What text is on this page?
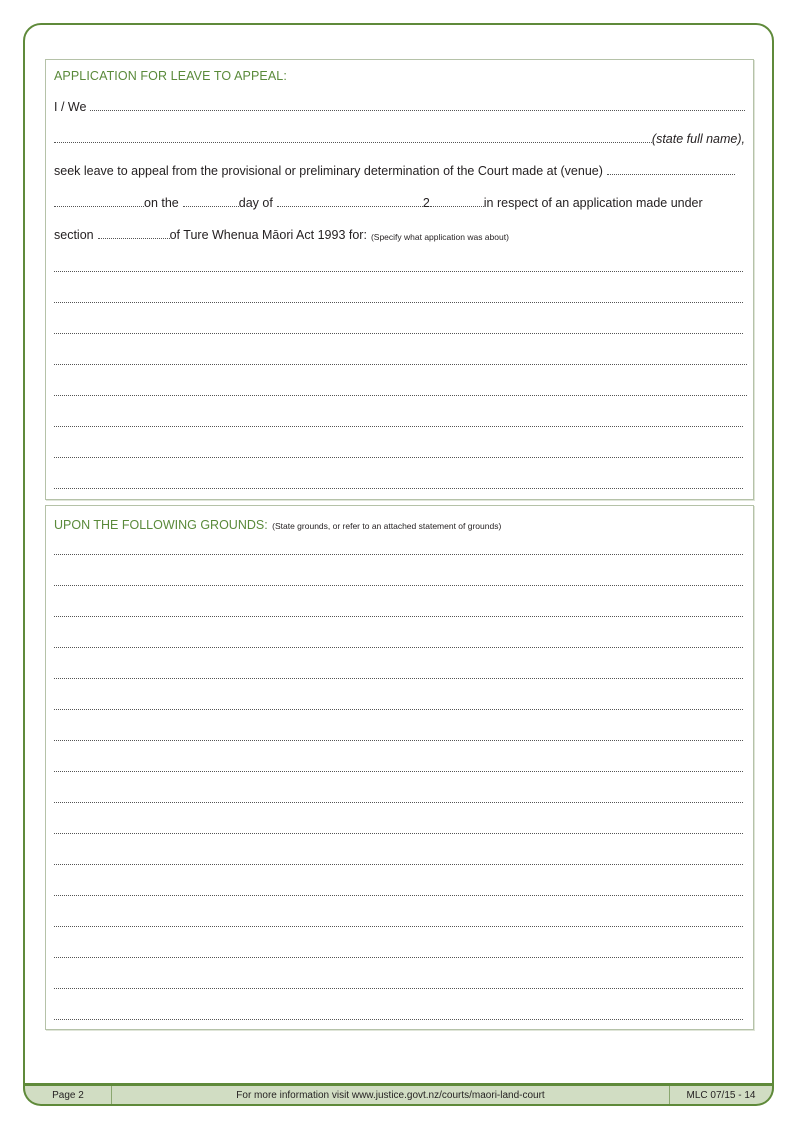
APPLICATION FOR LEAVE TO APPEAL:
I / We
(state full name),
seek leave to appeal from the provisional or preliminary determination of the Court made at (venue)
on the	day of	2	in respect of an application made under
section	of Ture Whenua Māori Act 1993 for: (Specify what application was about)
UPON THE FOLLOWING GROUNDS: (State grounds, or refer to an attached statement of grounds)
Page 2	For more information visit www.justice.govt.nz/courts/maori-land-court	MLC 07/15 - 14
